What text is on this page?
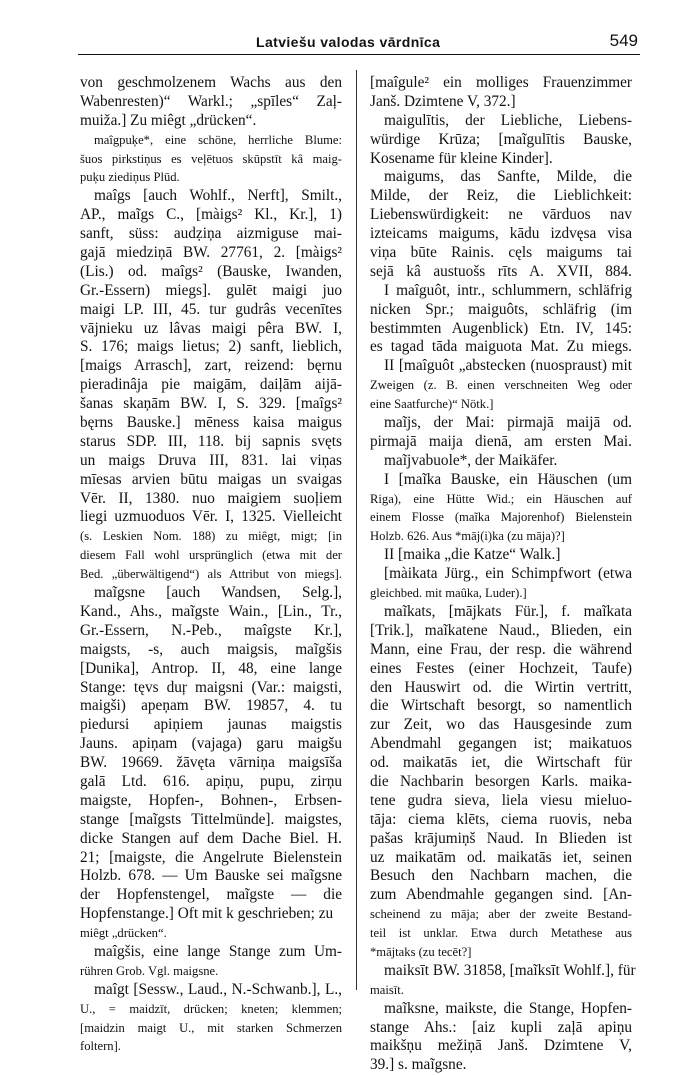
Latviešu valodas vārdnīca	549
von geschmolzenem Wachs aus den
Wabenresten)“ Warkl.; „spīles“ Zaļ-
muiža.] Zu miêgt „drücken“.
maîgpuķe*, eine schöne, herrliche Blume:
šuos pirkstiņus es veļētuos skūpstīt kâ maig-
puķu ziediņus Plūd.
maîgs [auch Wohlf., Nerft], Smilt.,
AP., maĩgs C., [màigs² Kl., Kr.], 1)
sanft, süss: audẓiņa aizmiguse mai-
gajā miedziņā BW. 27761, 2. [màigs²
(Lis.) od. maîgs² (Bauske, Iwanden,
Gr.-Essern) miegs]. gulēt maigi juo
maigi LP. III, 45. tur gudrâs vecenītes
vājnieku uz lâvas maigi pêra BW. I,
S. 176; maigs lietus; 2) sanft, lieblich,
[maigs Arrasch], zart, reizend: bęrnu
pieradinâja pie maigām, daiļām aijā-
šanas skaņām BW. I, S. 329. [maîgs²
bęrns Bauske.] mēness kaisa maigus
starus SDP. III, 118. bij sapnis svęts
un maigs Druva III, 831. lai viņas
mīesas arvien būtu maigas un svaigas
Vēr. II, 1380. nuo maigiem suoļiem
liegi uzmuoduos Vēr. I, 1325. Vielleicht
(s. Leskien Nom. 188) zu miêgt, migt; [in
diesem Fall wohl ursprünglich (etwa mit der
Bed. „überwältigend“) als Attribut von miegs].
maĩgsne [auch Wandsen, Selg.],
Kand., Ahs., maĩgste Wain., [Lin., Tr.,
Gr.-Essern, N.-Peb., maîgste Kr.],
maigsts, -s, auch maigsis, maĩgšis
[Dunika], Antrop. II, 48, eine lange
Stange: tęvs duŗ maigsni (Var.: maigsti,
maigši) apeņam BW. 19857, 4. tu
piedursi apiņiem jaunas maigstis
Jauns. apiņam (vajaga) garu maigšu
BW. 19669. žāvęta vārniņa maigsīša
galā Ltd. 616. apiņu, pupu, zirņu
maigste, Hopfen-, Bohnen-, Erbsen-
stange [maĩgsts Tittelmünde]. maigstes,
dicke Stangen auf dem Dache Biel. H.
21; [maigste, die Angelrute Bielenstein
Holzb. 678. — Um Bauske sei maĩgsne
der Hopfenstengel, maĩgste — die
Hopfenstange.] Oft mit k geschrieben; zu
miêgt „drücken“.
maîgšis, eine lange Stange zum Um-
rühren Grob. Vgl. maigsne.
maîgt [Sessw., Laud., N.-Schwanb.], L.,
U., = maidzīt, drücken; kneten; klemmen;
[maidzin maigt U., mit starken Schmerzen
foltern].
[maîgule² ein molliges Frauenzimmer
Janš. Dzimtene V, 372.]
maigulītis, der Liebliche, Liebens-
würdige Krūza; [maĩgulītis Bauske,
Kosename für kleine Kinder].
maigums, das Sanfte, Milde, die
Milde, der Reiz, die Lieblichkeit:
Liebenswürdigkeit: ne vārduos nav
izteicams maigums, kādu izdvęsa visa
viņa būte Rainis. cęls maigums tai
sejā kâ austuošs rīts A. XVII, 884.
I maîguôt, intr., schlummern, schläfrig
nicken Spr.; maiguôts, schläfrig (im
bestimmten Augenblick) Etn. IV, 145:
es tagad tāda maiguota Mat. Zu miegs.
II [maîguôt „abstecken (nuospraust) mit
Zweigen (z. B. einen verschneiten Weg oder
eine Saatfurche)“ Nötk.]
maĩjs, der Mai: pirmajā maijā od.
pirmajā maija dienā, am ersten Mai.
maĩjvabuole*, der Maikäfer.
I [maĩka Bauske, ein Häuschen (um
Riga), eine Hütte Wid.; ein Häuschen auf
einem Flosse (maĩka Majorenhof) Bielenstein
Holzb. 626. Aus *māj(i)ka (zu māja)?]
II [maika „die Katze“ Walk.]
[màikata Jürg., ein Schimpfwort (etwa
gleichbed. mit maûka, Luder).]
maĩkats, [mājkats Für.], f. maĩkata
[Trik.], maĩkatene Naud., Blieden, ein
Mann, eine Frau, der resp. die während
eines Festes (einer Hochzeit, Taufe)
den Hauswirt od. die Wirtin vertritt,
die Wirtschaft besorgt, so namentlich
zur Zeit, wo das Hausgesinde zum
Abendmahl gegangen ist; maikatuos
od. maikatās iet, die Wirtschaft für
die Nachbarin besorgen Karls. maika-
tene gudra sieva, liela viesu mieluo-
tāja: ciema klēts, ciema ruovis, neba
pašas krājumiņš Naud. In Blieden ist
uz maikatām od. maikatās iet, seinen
Besuch den Nachbarn machen, die
zum Abendmahle gegangen sind. [An-
scheinend zu māja; aber der zweite Bestand-
teil ist unklar. Etwa durch Metathese aus
*mājtaks (zu tecēt?]
maiksīt BW. 31858, [maĩksīt Wohlf.], für
maisīt.
maĩksne, maikste, die Stange, Hopfen-
stange Ahs.: [aiz kupli zaļā apiņu
maikšņu mežiņā Janš. Dzimtene V,
39.] s. maĩgsne.
